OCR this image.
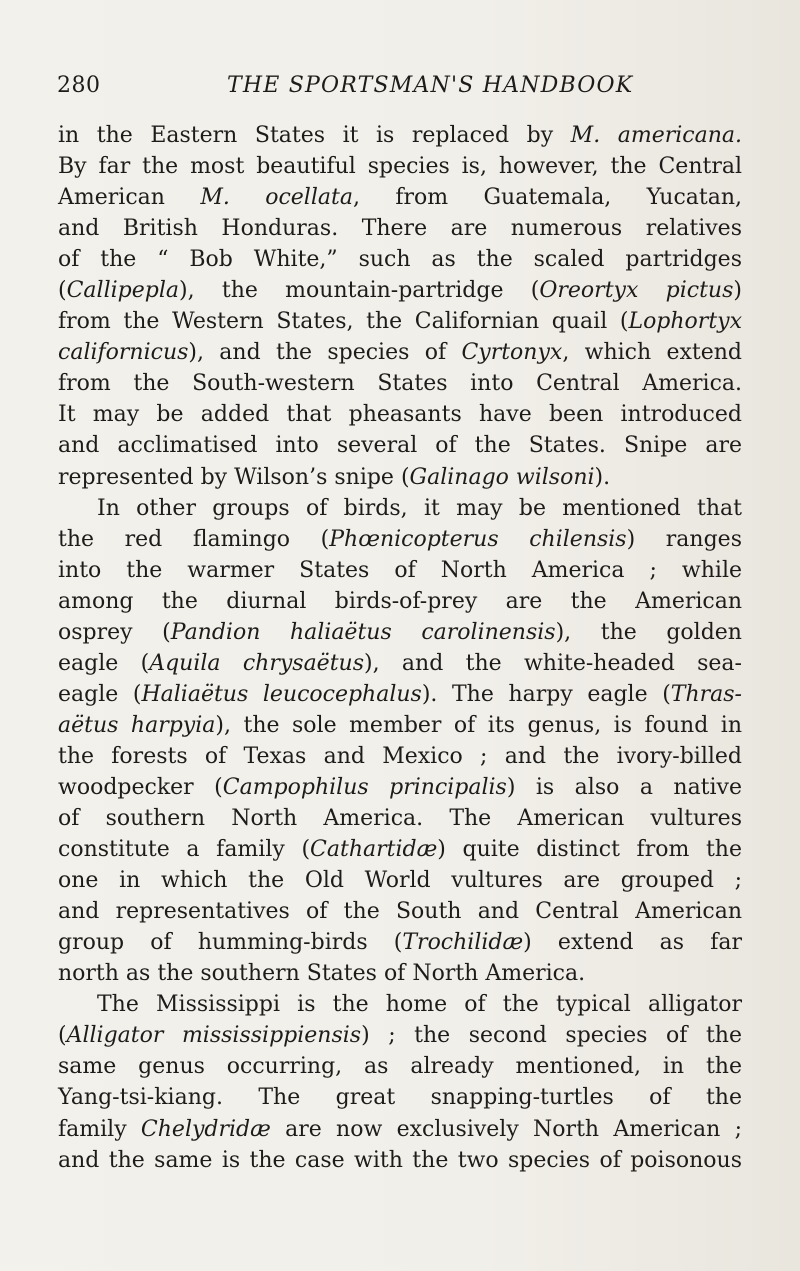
280	THE SPORTSMAN'S HANDBOOK
in the Eastern States it is replaced by M. americana.
By far the most beautiful species is, however, the Central
American M. ocellata, from Guatemala, Yucatan,
and British Honduras. There are numerous relatives
of the “ Bob White,” such as the scaled partridges
(Callipepla), the mountain-partridge (Oreortyx pictus)
from the Western States, the Californian quail (Lophortyx
californicus), and the species of Cyrtonyx, which extend
from the South-western States into Central America.
It may be added that pheasants have been introduced
and acclimatised into several of the States. Snipe are
represented by Wilson’s snipe (Galinago wilsoni).
In other groups of birds, it may be mentioned that
the red flamingo (Phœnicopterus chilensis) ranges
into the warmer States of North America ; while
among the diurnal birds-of-prey are the American
osprey (Pandion haliaëtus carolinensis), the golden
eagle (Aquila chrysaëtus), and the white-headed sea-
eagle (Haliaëtus leucocephalus). The harpy eagle (Thras-
aëtus harpyia), the sole member of its genus, is found in
the forests of Texas and Mexico ; and the ivory-billed
woodpecker (Campophilus principalis) is also a native
of southern North America. The American vultures
constitute a family (Cathartidæ) quite distinct from the
one in which the Old World vultures are grouped ;
and representatives of the South and Central American
group of humming-birds (Trochilidæ) extend as far
north as the southern States of North America.
The Mississippi is the home of the typical alligator
(Alligator mississippiensis) ; the second species of the
same genus occurring, as already mentioned, in the
Yang-tsi-kiang. The great snapping-turtles of the
family Chelydridæ are now exclusively North American ;
and the same is the case with the two species of poisonous
